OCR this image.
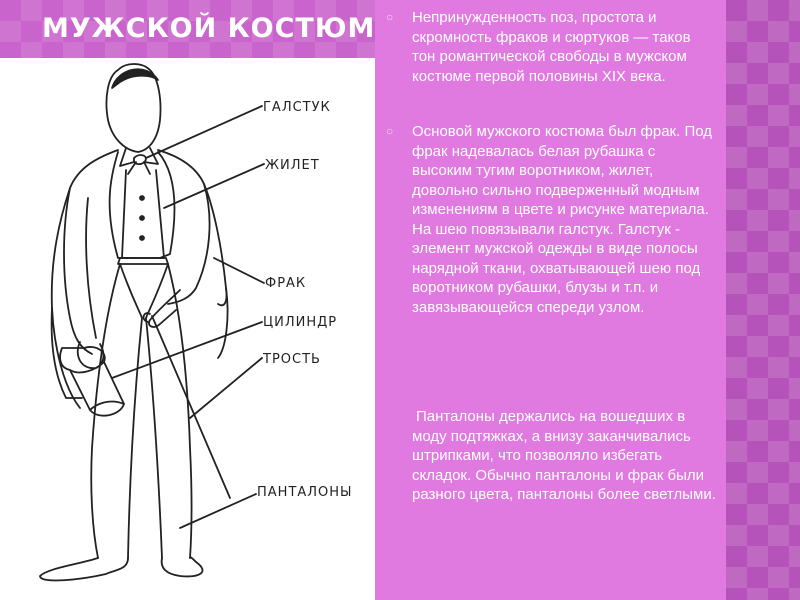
МУЖСКОЙ КОСТЮМ
ГАЛСТУК
ЖИЛЕТ
ФРАК
ЦИЛИНДР
ТРОСТЬ
ПАНТАЛОНЫ
○ Непринужденность поз, простота и скромность фраков и сюртуков — таков тон романтической свободы в мужском костюме первой половины XIX века.
○ Основой мужского костюма был фрак. Под фрак надевалась белая рубашка с высоким тугим воротником, жилет, довольно сильно подверженный модным изменениям в цвете и рисунке материала. На шею повязывали галстук. Галстук - элемент мужской одежды в виде полосы нарядной ткани, охватывающей шею под воротником рубашки, блузы и т.п. и завязывающейся спереди узлом.
Панталоны держались на вошедших в моду подтяжках, а внизу заканчивались штрипками, что позволяло избегать складок. Обычно панталоны и фрак были разного цвета, панталоны более светлыми.
